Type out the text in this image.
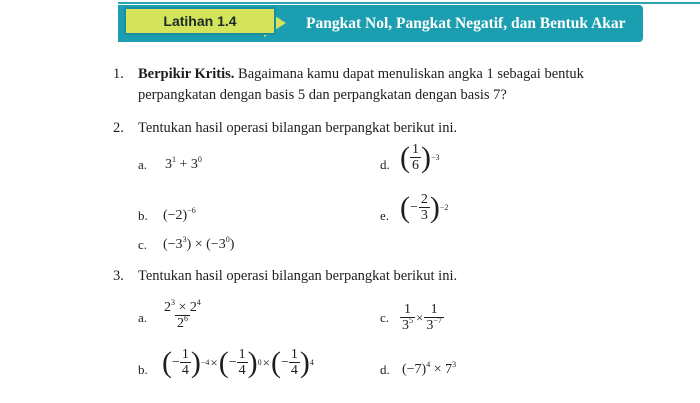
Latihan 1.4	Pangkat Nol, Pangkat Negatif, dan Bentuk Akar
1. Berpikir Kritis. Bagaimana kamu dapat menuliskan angka 1 sebagai bentuk
perpangkatan dengan basis 5 dan perpangkatan dengan basis 7?
2. Tentukan hasil operasi bilangan berpangkat berikut ini.
a. $3^1 + 3^0$	d. ( $\frac{1}{6}$ ) −3
b. $(-2)^{-6}$	e. ( − $\frac{2}{3}$ ) −2
c. $(-3^3) \times (-3^0)$
3. Tentukan hasil operasi bilangan berpangkat berikut ini.
a. $\frac{2^3 \times 2^4}{2^6}$	c. $\frac{1}{3^5} \times \frac{1}{3^{-7}}$
b. ( − $\frac{1}{4}$ ) −4 × ( − $\frac{1}{4}$ ) 0 × ( − $\frac{1}{4}$ ) 4	d. $(-7)^4 \times 7^3$
